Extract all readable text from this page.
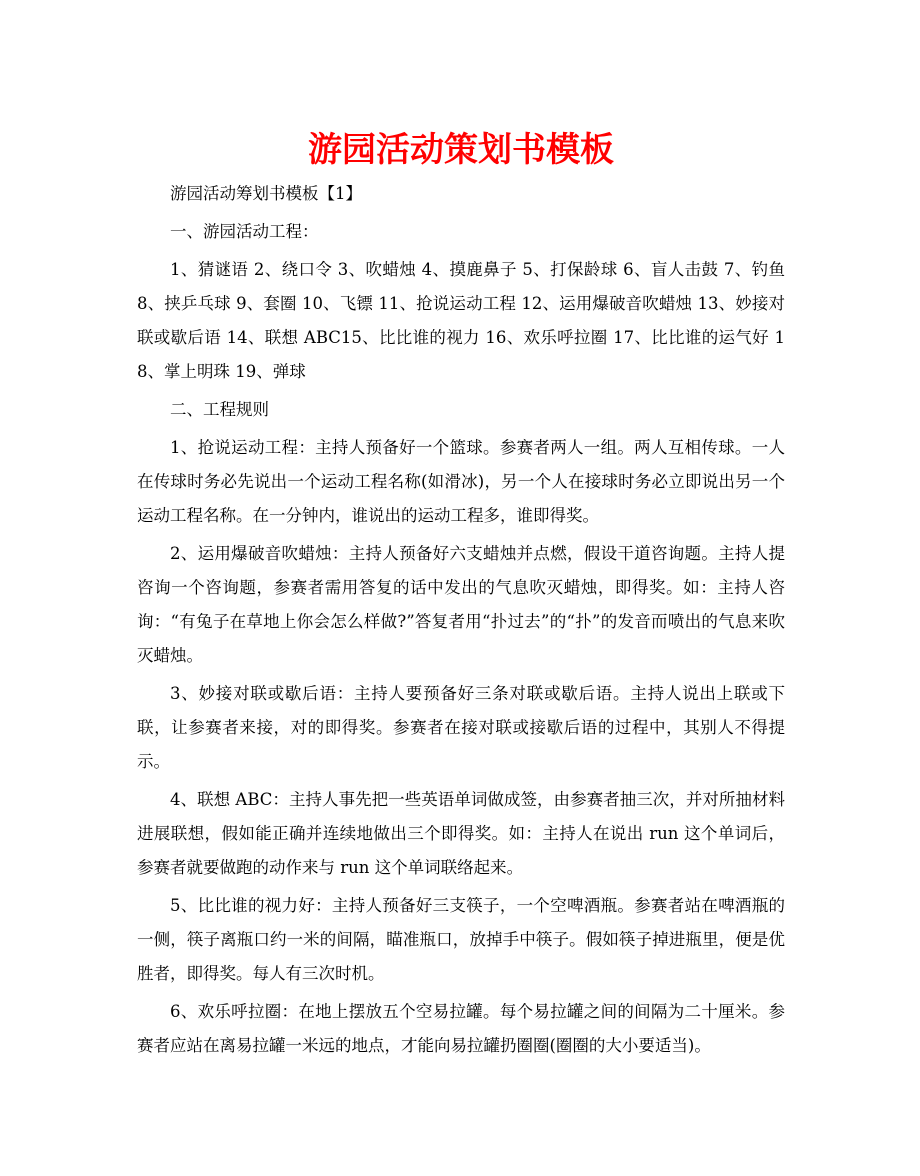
游园活动策划书模板

游园活动筹划书模板【1】

一、游园活动工程：

1、猜谜语 2、绕口令 3、吹蜡烛 4、摸鹿鼻子 5、打保龄球 6、盲人击鼓 7、钓鱼 8、挟乒乓球 9、套圈 10、飞镖 11、抢说运动工程 12、运用爆破音吹蜡烛 13、妙接对联或歇后语 14、联想 ABC15、比比谁的视力 16、欢乐呼拉圈 17、比比谁的运气好 18、掌上明珠 19、弹球

二、工程规则

1、抢说运动工程：主持人预备好一个篮球。参赛者两人一组。两人互相传球。一人在传球时务必先说出一个运动工程名称(如滑冰)，另一个人在接球时务必立即说出另一个运动工程名称。在一分钟内，谁说出的运动工程多，谁即得奖。

2、运用爆破音吹蜡烛：主持人预备好六支蜡烛并点燃，假设干道咨询题。主持人提咨询一个咨询题，参赛者需用答复的话中发出的气息吹灭蜡烛，即得奖。如：主持人咨询：“有兔子在草地上你会怎么样做?”答复者用“扑过去”的“扑”的发音而喷出的气息来吹灭蜡烛。

3、妙接对联或歇后语：主持人要预备好三条对联或歇后语。主持人说出上联或下联，让参赛者来接，对的即得奖。参赛者在接对联或接歇后语的过程中，其别人不得提示。

4、联想 ABC：主持人事先把一些英语单词做成签，由参赛者抽三次，并对所抽材料进展联想，假如能正确并连续地做出三个即得奖。如：主持人在说出 run 这个单词后，参赛者就要做跑的动作来与 run 这个单词联络起来。

5、比比谁的视力好：主持人预备好三支筷子，一个空啤酒瓶。参赛者站在啤酒瓶的一侧，筷子离瓶口约一米的间隔，瞄准瓶口，放掉手中筷子。假如筷子掉进瓶里，便是优胜者，即得奖。每人有三次时机。

6、欢乐呼拉圈：在地上摆放五个空易拉罐。每个易拉罐之间的间隔为二十厘米。参赛者应站在离易拉罐一米远的地点，才能向易拉罐扔圈圈(圈圈的大小要适当)。
